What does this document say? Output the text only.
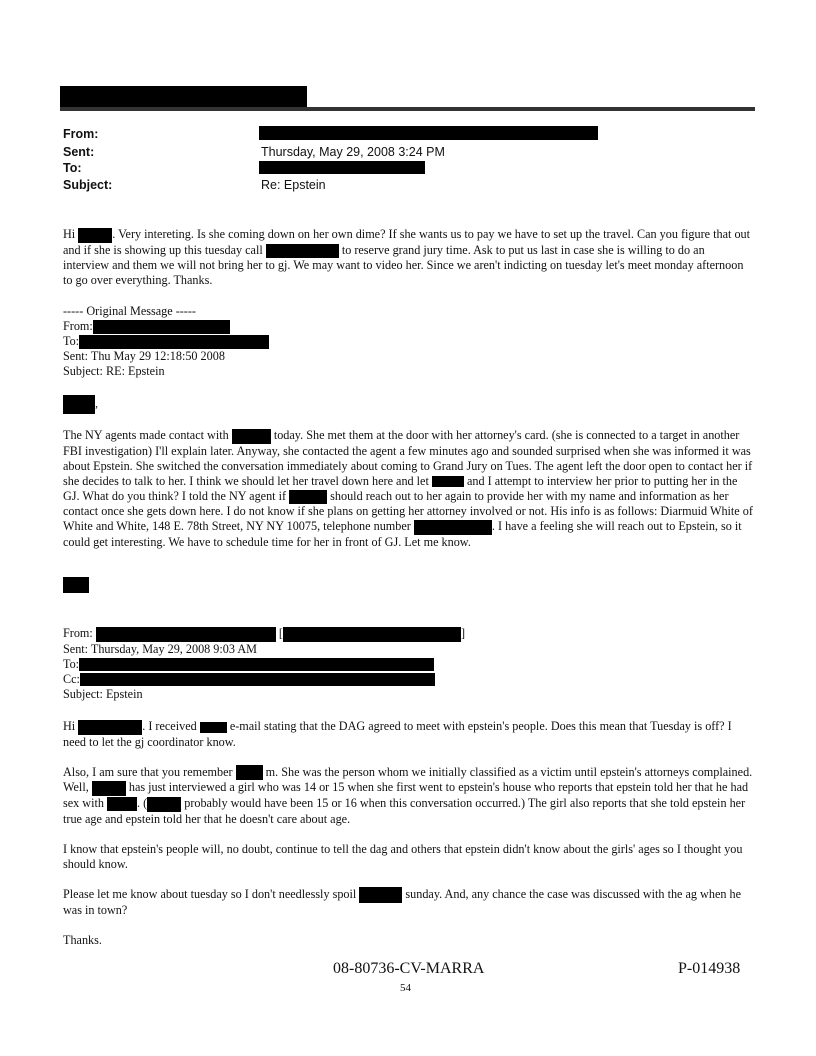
From:
Sent:	Thursday, May 29, 2008 3:24 PM
To:
Subject:	Re: Epstein

Hi	. Very intereting. Is she coming down on her own dime? If she wants us to pay we have to set up the travel. Can you figure that out and if she is showing up this tuesday call	to reserve grand jury time. Ask to put us last in case she is willing to do an interview and them we will not bring her to gj. We may want to video her. Since we aren't indicting on tuesday let's meet monday afternoon to go over everything. Thanks.

----- Original Message -----
From:
To:
Sent: Thu May 29 12:18:50 2008
Subject: RE: Epstein
,

The NY agents made contact with	today. She met them at the door with her attorney's card. (she is connected to a target in another FBI investigation) I'll explain later. Anyway, she contacted the agent a few minutes ago and sounded surprised when she was informed it was about Epstein. She switched the conversation immediately about coming to Grand Jury on Tues. The agent left the door open to contact her if she decides to talk to her. I think we should let her travel down here and let	and I attempt to interview her prior to putting her in the GJ. What do you think? I told the NY agent if	should reach out to her again to provide her with my name and information as her contact once she gets down here. I do not know if she plans on getting her attorney involved or not. His info is as follows: Diarmuid White of White and White, 148 E. 78th Street, NY NY 10075, telephone number	. I have a feeling she will reach out to Epstein, so it could get interesting. We have to schedule time for her in front of GJ. Let me know.

From:	[	]
Sent: Thursday, May 29, 2008 9:03 AM
To:
Cc:
Subject: Epstein

Hi	. I received  e-mail stating that the DAG agreed to meet with epstein's people. Does this mean that Tuesday is off? I need to let the gj coordinator know.

Also, I am sure that you remember  m. She was the person whom we initially classified as a victim until epstein's attorneys complained. Well,	has just interviewed a girl who was 14 or 15 when she first went to epstein's house who reports that epstein told her that he had sex with . (	probably would have been 15 or 16 when this conversation occurred.) The girl also reports that she told epstein her true age and epstein told her that he doesn't care about age.

I know that epstein's people will, no doubt, continue to tell the dag and others that epstein didn't know about the girls' ages so I thought you should know.

Please let me know about tuesday so I don't needlessly spoil	sunday. And, any chance the case was discussed with the ag when he was in town?

Thanks.

08-80736-CV-MARRA	P-014938
54
